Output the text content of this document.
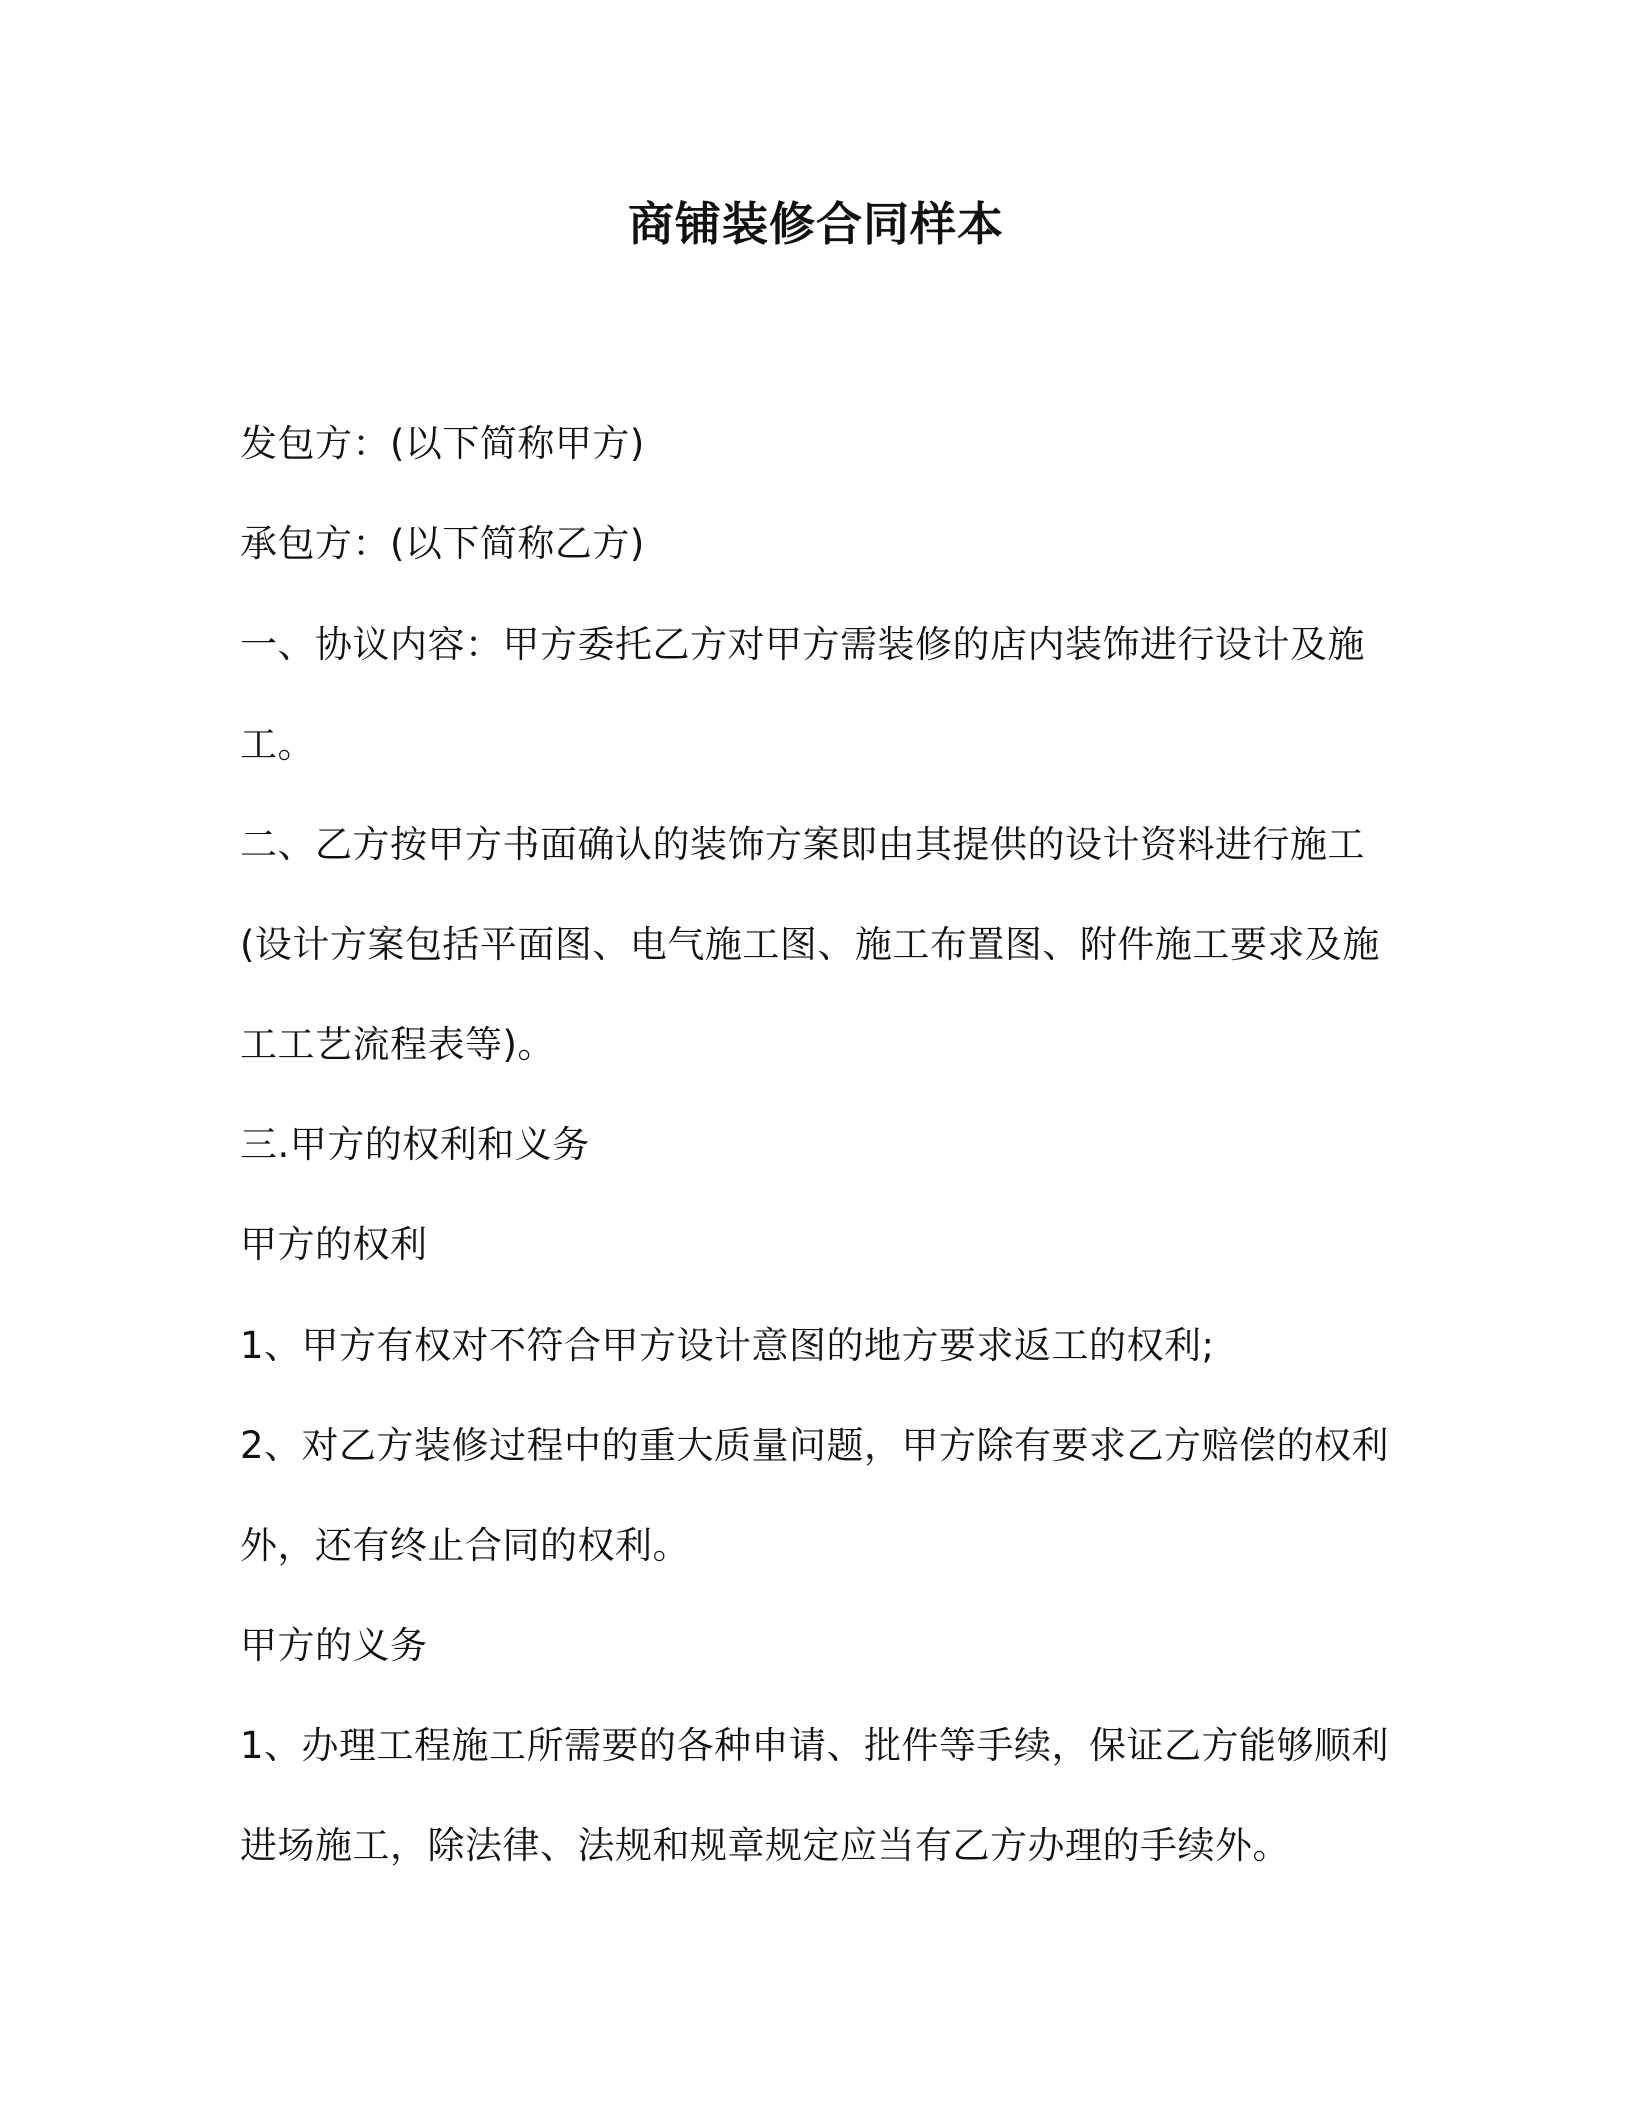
商铺装修合同样本
发包方：(以下简称甲方)
承包方：(以下简称乙方)
一、协议内容：甲方委托乙方对甲方需装修的店内装饰进行设计及施
工。
二、乙方按甲方书面确认的装饰方案即由其提供的设计资料进行施工
(设计方案包括平面图、电气施工图、施工布置图、附件施工要求及施
工工艺流程表等)。
三.甲方的权利和义务
甲方的权利
1、甲方有权对不符合甲方设计意图的地方要求返工的权利;
2、对乙方装修过程中的重大质量问题，甲方除有要求乙方赔偿的权利
外，还有终止合同的权利。
甲方的义务
1、办理工程施工所需要的各种申请、批件等手续，保证乙方能够顺利
进场施工，除法律、法规和规章规定应当有乙方办理的手续外。
